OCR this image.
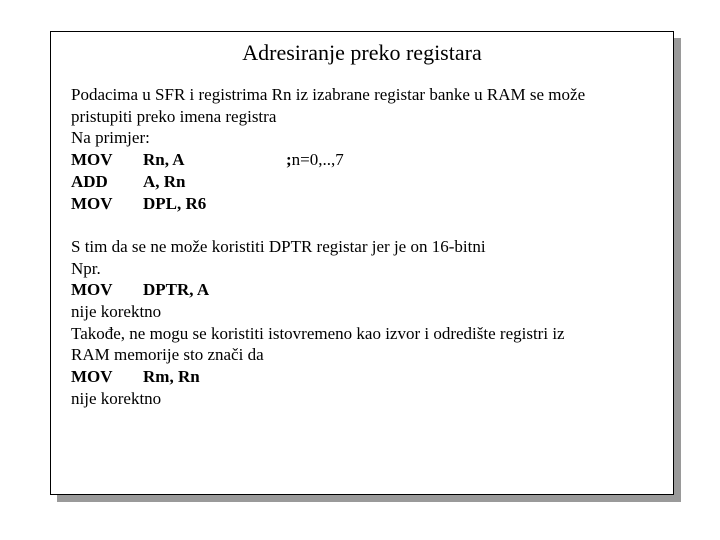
Adresiranje preko registara
Podacima u SFR i registrima Rn iz izabrane registar banke u RAM se može
pristupiti preko imena registra
Na primjer:
MOV Rn, A	;n=0,..,7
ADD A, Rn
MOV DPL, R6
S tim da se ne može koristiti DPTR registar jer je on 16-bitni
Npr.
MOV DPTR, A
nije korektno
Takođe, ne mogu se koristiti istovremeno kao izvor i odredište registri iz
RAM memorije sto znači da
MOV Rm, Rn
nije korektno
